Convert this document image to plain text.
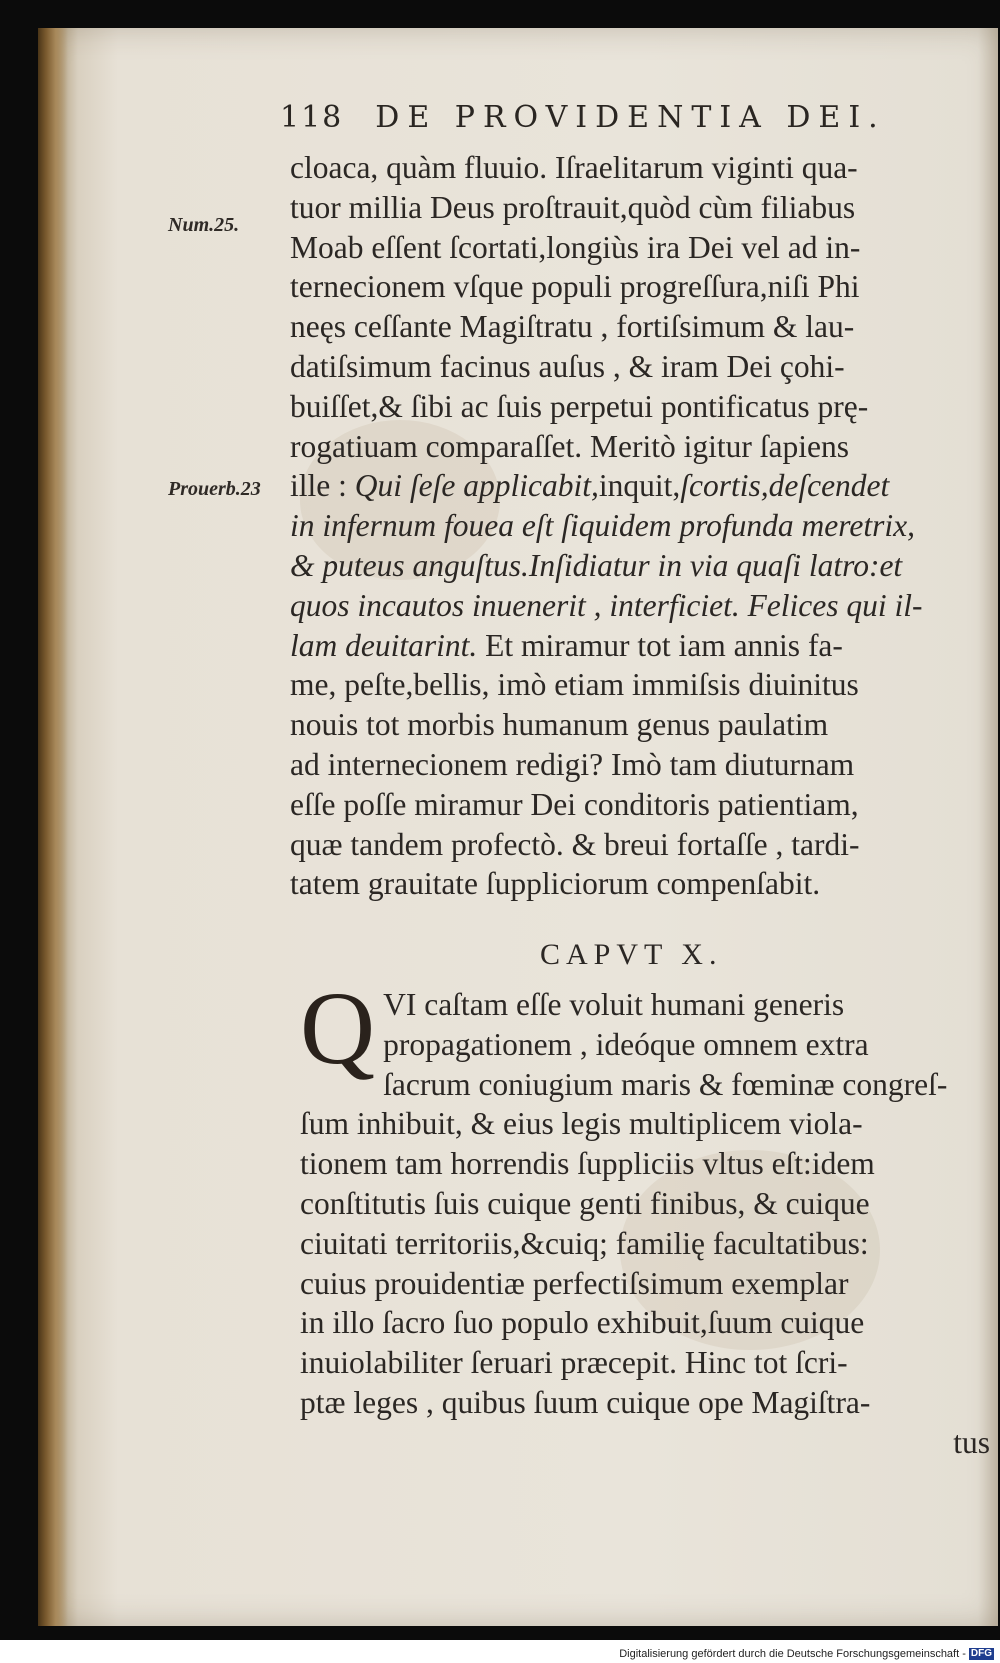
118 DE PROVIDENTIA DEI.
Num.25.
Prouerb.23
cloaca, quàm fluuio. Iſraelitarum viginti qua-
tuor millia Deus proſtrauit,quòd cùm filiabus
Moab eſſent ſcortati,longiùs ira Dei vel ad in-
ternecionem vſque populi progreſſura,niſi Phi
neęs ceſſante Magiſtratu , fortiſsimum & lau-
datiſsimum facinus auſus , & iram Dei çohi-
buiſſet,& ſibi ac ſuis perpetui pontificatus prę-
rogatiuam comparaſſet. Meritò igitur ſapiens
ille : Qui ſeſe applicabit,inquit,ſcortis,deſcendet
in infernum fouea eſt ſiquidem profunda meretrix,
& puteus anguſtus.Inſidiatur in via quaſi latro:et
quos incautos inuenerit , interficiet. Felices qui il-
lam deuitarint. Et miramur tot iam annis fa-
me, peſte,bellis, imò etiam immiſsis diuinitus
nouis tot morbis humanum genus paulatim
ad internecionem redigi? Imò tam diuturnam
eſſe poſſe miramur Dei conditoris patientiam,
quæ tandem profectò. & breui fortaſſe , tardi-
tatem grauitate ſuppliciorum compenſabit.
CAPVT X.
Q VI caſtam eſſe voluit humani generis
propagationem , ideóque omnem extra
ſacrum coniugium maris & fœminæ congreſ-
ſum inhibuit, & eius legis multiplicem viola-
tionem tam horrendis ſuppliciis vltus eſt:idem
conſtitutis ſuis cuique genti finibus, & cuique
ciuitati territoriis,&cuiq; familię facultatibus:
cuius prouidentiæ perfectiſsimum exemplar
in illo ſacro ſuo populo exhibuit,ſuum cuique
inuiolabiliter ſeruari præcepit. Hinc tot ſcri-
ptæ leges , quibus ſuum cuique ope Magiſtra-
tus
Digitalisierung gefördert durch die Deutsche Forschungsgemeinschaft - DFG
